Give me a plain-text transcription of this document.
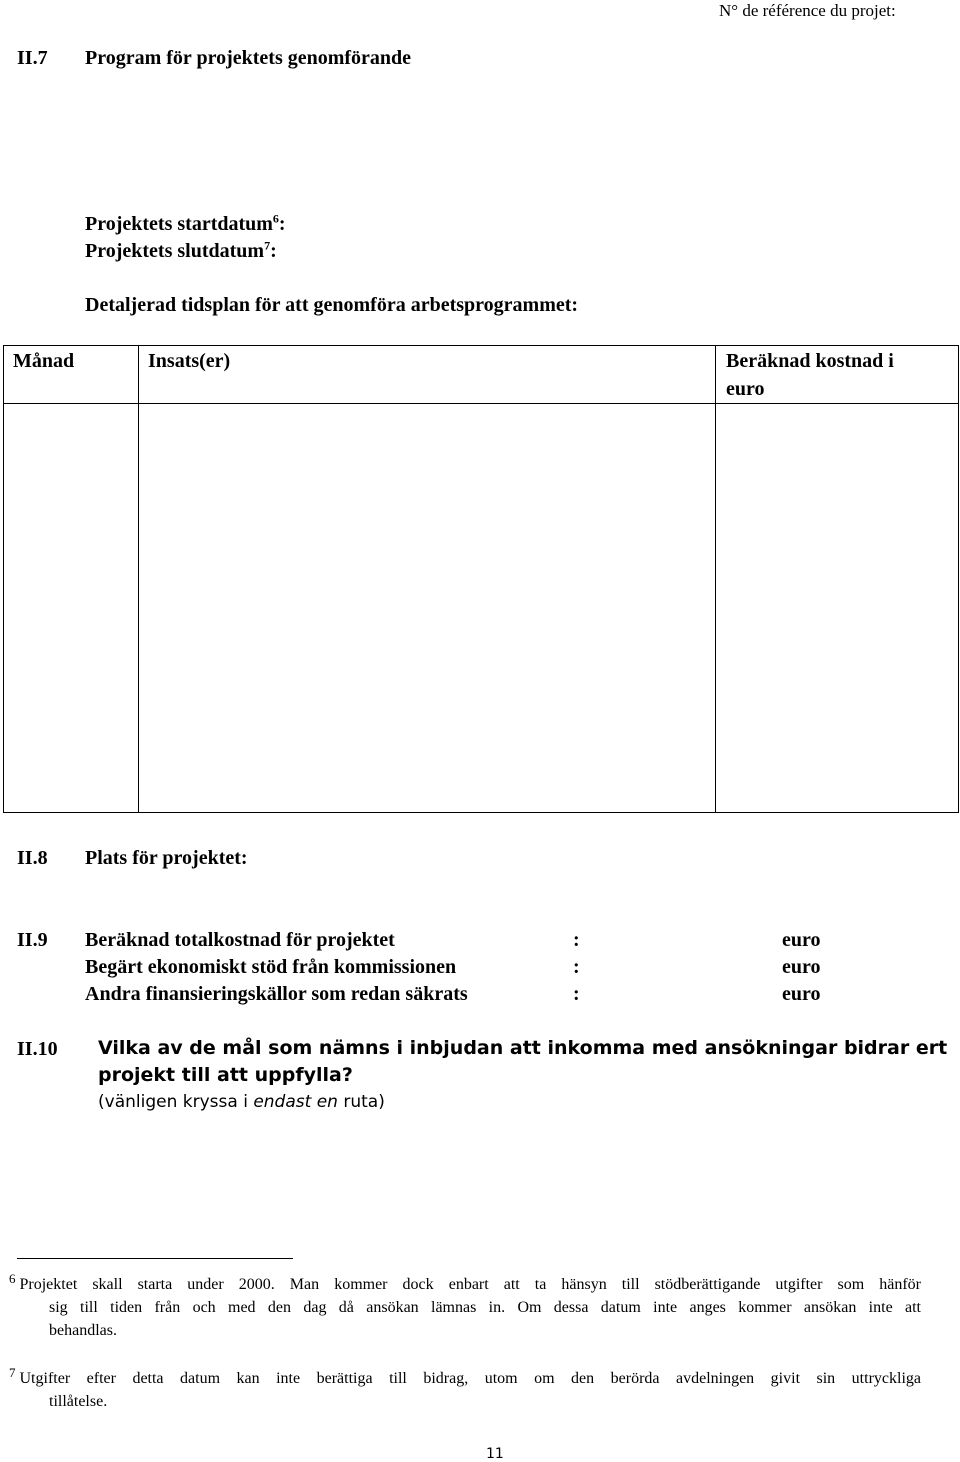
N° de référence du projet:
II.7 Program för projektets genomförande
Projektets startdatum$^6$:
Projektets slutdatum$^7$:
Detaljerad tidsplan för att genomföra arbetsprogrammet:
Månad	Insats(er)	Beräknad kostnad i
euro

II.8 Plats för projektet:
II.9 Beräknad totalkostnad för projektet	:	euro
Begärt ekonomiskt stöd från kommissionen	:	euro
Andra finansieringskällor som redan säkrats	:	euro
II.10 Vilka av de mål som nämns i inbjudan att inkomma med ansökningar bidrar ert
projekt till att uppfylla?
(vänligen kryssa i endast en ruta)
$^6$ Projektet skall starta under 2000. Man kommer dock enbart att ta hänsyn till stödberättigande utgifter som hänför
sig till tiden från och med den dag då ansökan lämnas in. Om dessa datum inte anges kommer ansökan inte att
behandlas.
$^7$ Utgifter efter detta datum kan inte berättiga till bidrag, utom om den berörda avdelningen givit sin uttryckliga
tillåtelse.
11
